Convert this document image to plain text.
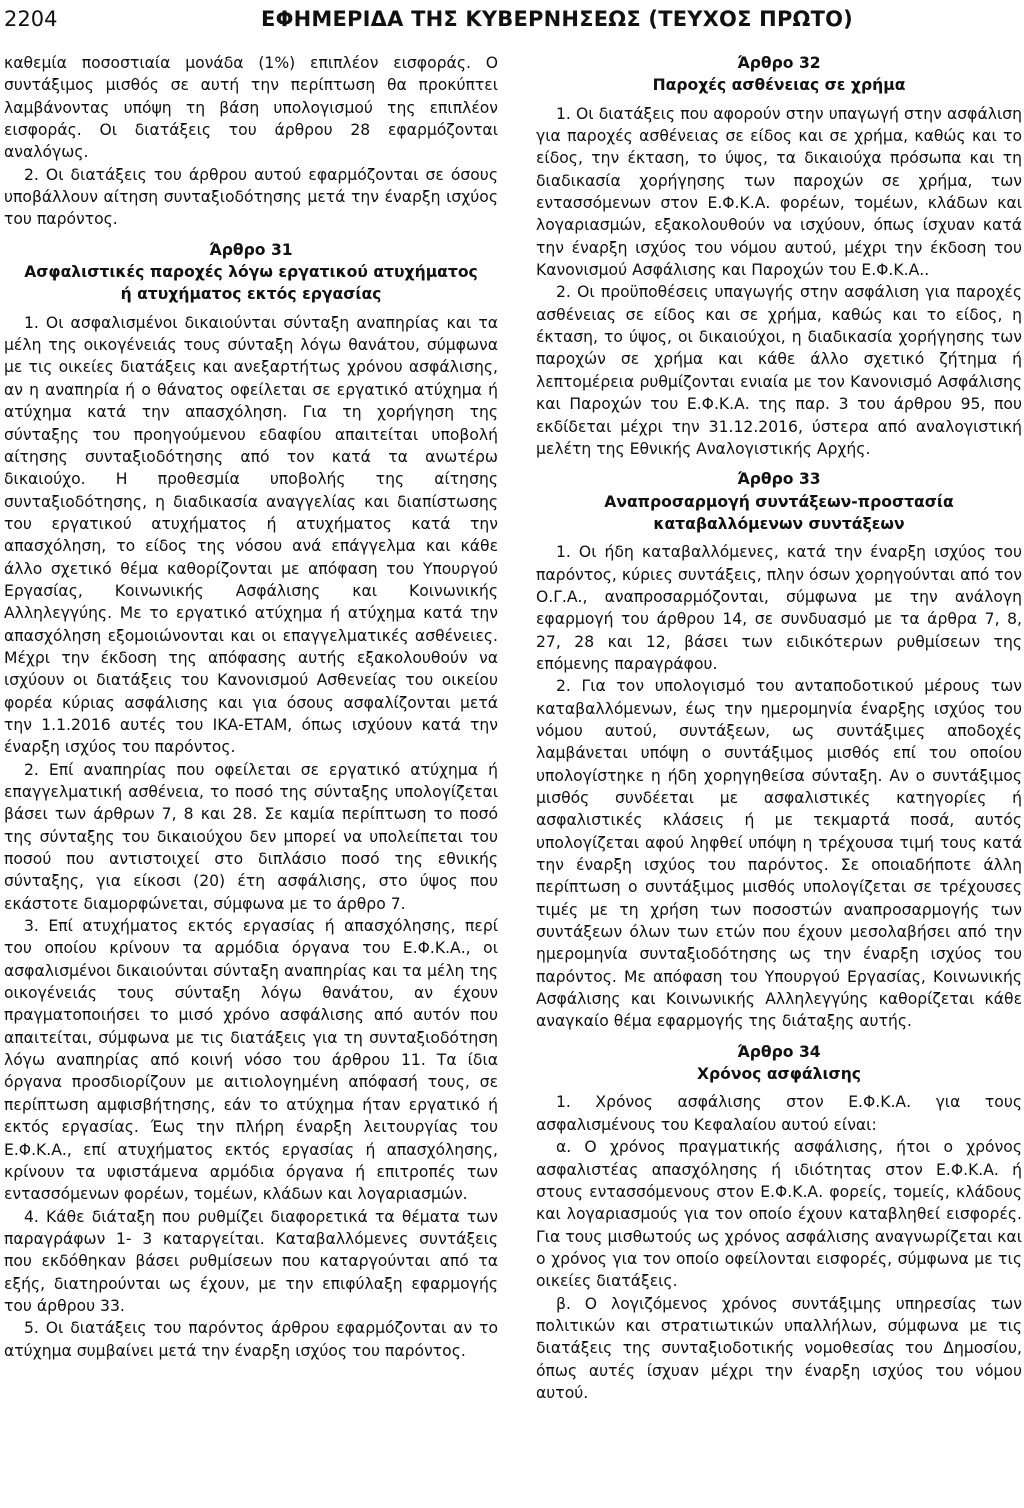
2204	ΕΦΗΜΕΡΙΔΑ ΤΗΣ ΚΥΒΕΡΝΗΣΕΩΣ (ΤΕΥΧΟΣ ΠΡΩΤΟ)

καθεμία ποσοστιαία μονάδα (1%) επιπλέον εισφοράς. Ο συντάξιμος μισθός σε αυτή την περίπτωση θα προκύπτει λαμβάνοντας υπόψη τη βάση υπολογισμού της επιπλέον εισφοράς. Οι διατάξεις του άρθρου 28 εφαρμόζονται αναλόγως.

2. Οι διατάξεις του άρθρου αυτού εφαρμόζονται σε όσους υποβάλλουν αίτηση συνταξιοδότησης μετά την έναρξη ισχύος του παρόντος.

Άρθρο 31
Ασφαλιστικές παροχές λόγω εργατικού ατυχήματος
ή ατυχήματος εκτός εργασίας

1. Οι ασφαλισμένοι δικαιούνται σύνταξη αναπηρίας και τα μέλη της οικογένειάς τους σύνταξη λόγω θανάτου, σύμφωνα με τις οικείες διατάξεις και ανεξαρτήτως χρόνου ασφάλισης, αν η αναπηρία ή ο θάνατος οφείλεται σε εργατικό ατύχημα ή ατύχημα κατά την απασχόληση. Για τη χορήγηση της σύνταξης του προηγούμενου εδαφίου απαιτείται υποβολή αίτησης συνταξιοδότησης από τον κατά τα ανωτέρω δικαιούχο. Η προθεσμία υποβολής της αίτησης συνταξιοδότησης, η διαδικασία αναγγελίας και διαπίστωσης του εργατικού ατυχήματος ή ατυχήματος κατά την απασχόληση, το είδος της νόσου ανά επάγγελμα και κάθε άλλο σχετικό θέμα καθορίζονται με απόφαση του Υπουργού Εργασίας, Κοινωνικής Ασφάλισης και Κοινωνικής Αλληλεγγύης. Με το εργατικό ατύχημα ή ατύχημα κατά την απασχόληση εξομοιώνονται και οι επαγγελματικές ασθένειες. Μέχρι την έκδοση της απόφασης αυτής εξακολουθούν να ισχύουν οι διατάξεις του Κανονισμού Ασθενείας του οικείου φορέα κύριας ασφάλισης και για όσους ασφαλίζονται μετά την 1.1.2016 αυτές του ΙΚΑ-ΕΤΑΜ, όπως ισχύουν κατά την έναρξη ισχύος του παρόντος.

2. Επί αναπηρίας που οφείλεται σε εργατικό ατύχημα ή επαγγελματική ασθένεια, το ποσό της σύνταξης υπολογίζεται βάσει των άρθρων 7, 8 και 28. Σε καμία περίπτωση το ποσό της σύνταξης του δικαιούχου δεν μπορεί να υπολείπεται του ποσού που αντιστοιχεί στο διπλάσιο ποσό της εθνικής σύνταξης, για είκοσι (20) έτη ασφάλισης, στο ύψος που εκάστοτε διαμορφώνεται, σύμφωνα με το άρθρο 7.

3. Επί ατυχήματος εκτός εργασίας ή απασχόλησης, περί του οποίου κρίνουν τα αρμόδια όργανα του Ε.Φ.Κ.Α., οι ασφαλισμένοι δικαιούνται σύνταξη αναπηρίας και τα μέλη της οικογένειάς τους σύνταξη λόγω θανάτου, αν έχουν πραγματοποιήσει το μισό χρόνο ασφάλισης από αυτόν που απαιτείται, σύμφωνα με τις διατάξεις για τη συνταξιοδότηση λόγω αναπηρίας από κοινή νόσο του άρθρου 11. Τα ίδια όργανα προσδιορίζουν με αιτιολογημένη απόφασή τους, σε περίπτωση αμφισβήτησης, εάν το ατύχημα ήταν εργατικό ή εκτός εργασίας. Έως την πλήρη έναρξη λειτουργίας του Ε.Φ.Κ.Α., επί ατυχήματος εκτός εργασίας ή απασχόλησης, κρίνουν τα υφιστάμενα αρμόδια όργανα ή επιτροπές των εντασσόμενων φορέων, τομέων, κλάδων και λογαριασμών.

4. Κάθε διάταξη που ρυθμίζει διαφορετικά τα θέματα των παραγράφων 1- 3 καταργείται. Καταβαλλόμενες συντάξεις που εκδόθηκαν βάσει ρυθμίσεων που καταργούνται από τα εξής, διατηρούνται ως έχουν, με την επιφύλαξη εφαρμογής του άρθρου 33.

5. Οι διατάξεις του παρόντος άρθρου εφαρμόζονται αν το ατύχημα συμβαίνει μετά την έναρξη ισχύος του παρόντος.

Άρθρο 32
Παροχές ασθένειας σε χρήμα

1. Οι διατάξεις που αφορούν στην υπαγωγή στην ασφάλιση για παροχές ασθένειας σε είδος και σε χρήμα, καθώς και το είδος, την έκταση, το ύψος, τα δικαιούχα πρόσωπα και τη διαδικασία χορήγησης των παροχών σε χρήμα, των εντασσόμενων στον Ε.Φ.Κ.Α. φορέων, τομέων, κλάδων και λογαριασμών, εξακολουθούν να ισχύουν, όπως ίσχυαν κατά την έναρξη ισχύος του νόμου αυτού, μέχρι την έκδοση του Κανονισμού Ασφάλισης και Παροχών του Ε.Φ.Κ.Α..

2. Οι προϋποθέσεις υπαγωγής στην ασφάλιση για παροχές ασθένειας σε είδος και σε χρήμα, καθώς και το είδος, η έκταση, το ύψος, οι δικαιούχοι, η διαδικασία χορήγησης των παροχών σε χρήμα και κάθε άλλο σχετικό ζήτημα ή λεπτομέρεια ρυθμίζονται ενιαία με τον Κανονισμό Ασφάλισης και Παροχών του Ε.Φ.Κ.Α. της παρ. 3 του άρθρου 95, που εκδίδεται μέχρι την 31.12.2016, ύστερα από αναλογιστική μελέτη της Εθνικής Αναλογιστικής Αρχής.

Άρθρο 33
Αναπροσαρμογή συντάξεων-προστασία
καταβαλλόμενων συντάξεων

1. Οι ήδη καταβαλλόμενες, κατά την έναρξη ισχύος του παρόντος, κύριες συντάξεις, πλην όσων χορηγούνται από τον Ο.Γ.Α., αναπροσαρμόζονται, σύμφωνα με την ανάλογη εφαρμογή του άρθρου 14, σε συνδυασμό με τα άρθρα 7, 8, 27, 28 και 12, βάσει των ειδικότερων ρυθμίσεων της επόμενης παραγράφου.

2. Για τον υπολογισμό του ανταποδοτικού μέρους των καταβαλλόμενων, έως την ημερομηνία έναρξης ισχύος του νόμου αυτού, συντάξεων, ως συντάξιμες αποδοχές λαμβάνεται υπόψη ο συντάξιμος μισθός επί του οποίου υπολογίστηκε η ήδη χορηγηθείσα σύνταξη. Αν ο συντάξιμος μισθός συνδέεται με ασφαλιστικές κατηγορίες ή ασφαλιστικές κλάσεις ή με τεκμαρτά ποσά, αυτός υπολογίζεται αφού ληφθεί υπόψη η τρέχουσα τιμή τους κατά την έναρξη ισχύος του παρόντος. Σε οποιαδήποτε άλλη περίπτωση ο συντάξιμος μισθός υπολογίζεται σε τρέχουσες τιμές με τη χρήση των ποσοστών αναπροσαρμογής των συντάξεων όλων των ετών που έχουν μεσολαβήσει από την ημερομηνία συνταξιοδότησης ως την έναρξη ισχύος του παρόντος. Με απόφαση του Υπουργού Εργασίας, Κοινωνικής Ασφάλισης και Κοινωνικής Αλληλεγγύης καθορίζεται κάθε αναγκαίο θέμα εφαρμογής της διάταξης αυτής.

Άρθρο 34
Χρόνος ασφάλισης

1. Χρόνος ασφάλισης στον Ε.Φ.Κ.Α. για τους ασφαλισμένους του Κεφαλαίου αυτού είναι:

α. Ο χρόνος πραγματικής ασφάλισης, ήτοι ο χρόνος ασφαλιστέας απασχόλησης ή ιδιότητας στον Ε.Φ.Κ.Α. ή στους εντασσόμενους στον Ε.Φ.Κ.Α. φορείς, τομείς, κλάδους και λογαριασμούς για τον οποίο έχουν καταβληθεί εισφορές. Για τους μισθωτούς ως χρόνος ασφάλισης αναγνωρίζεται και ο χρόνος για τον οποίο οφείλονται εισφορές, σύμφωνα με τις οικείες διατάξεις.

β. Ο λογιζόμενος χρόνος συντάξιμης υπηρεσίας των πολιτικών και στρατιωτικών υπαλλήλων, σύμφωνα με τις διατάξεις της συνταξιοδοτικής νομοθεσίας του Δημοσίου, όπως αυτές ίσχυαν μέχρι την έναρξη ισχύος του νόμου αυτού.
